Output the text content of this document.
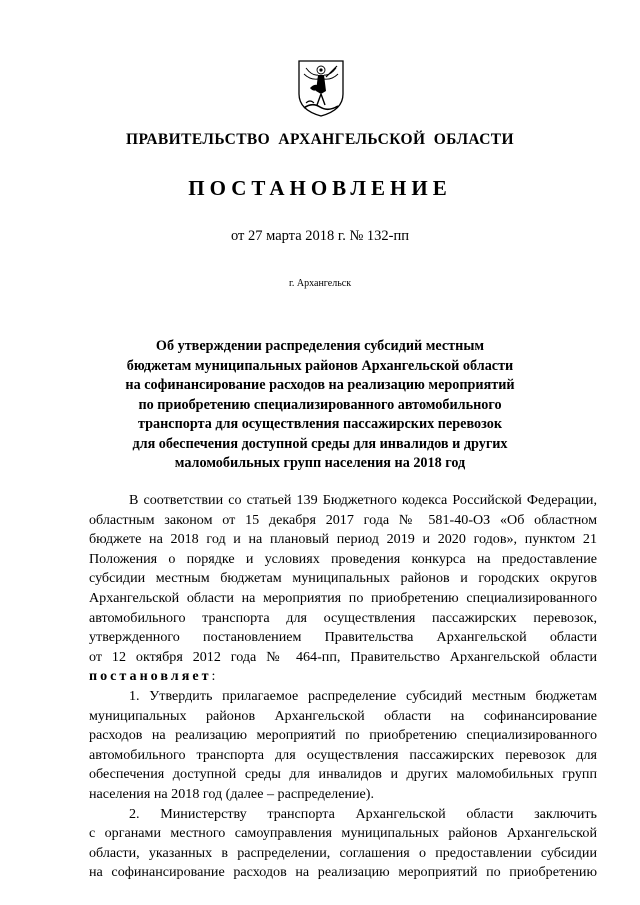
ПРАВИТЕЛЬСТВО АРХАНГЕЛЬСКОЙ ОБЛАСТИ
ПОСТАНОВЛЕНИЕ
от 27 марта 2018 г. № 132-пп
г. Архангельск
Об утверждении распределения субсидий местным
бюджетам муниципальных районов Архангельской области
на софинансирование расходов на реализацию мероприятий
по приобретению специализированного автомобильного
транспорта для осуществления пассажирских перевозок
для обеспечения доступной среды для инвалидов и других
маломобильных групп населения на 2018 год
В соответствии со статьей 139 Бюджетного кодекса Российской Федерации,
областным законом от 15 декабря 2017 года № 581-40-ОЗ «Об областном
бюджете на 2018 год и на плановый период 2019 и 2020 годов», пунктом 21
Положения о порядке и условиях проведения конкурса на предоставление
субсидии местным бюджетам муниципальных районов и городских округов
Архангельской области на мероприятия по приобретению специализированного
автомобильного транспорта для осуществления пассажирских перевозок,
утвержденного постановлением Правительства Архангельской области
от 12 октября 2012 года № 464-пп, Правительство Архангельской области
постановляет:
1. Утвердить прилагаемое распределение субсидий местным бюджетам
муниципальных районов Архангельской области на софинансирование
расходов на реализацию мероприятий по приобретению специализированного
автомобильного транспорта для осуществления пассажирских перевозок для
обеспечения доступной среды для инвалидов и других маломобильных групп
населения на 2018 год (далее – распределение).
2. Министерству транспорта Архангельской области заключить
с органами местного самоуправления муниципальных районов Архангельской
области, указанных в распределении, соглашения о предоставлении субсидии
на софинансирование расходов на реализацию мероприятий по приобретению
